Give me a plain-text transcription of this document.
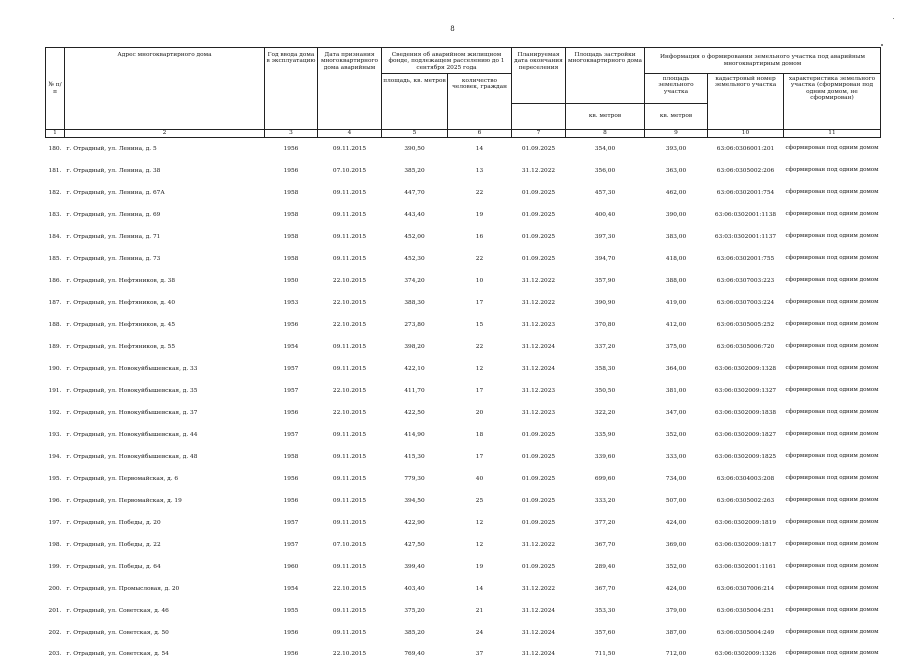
8
№ п/п	Адрес многоквартирного дома	Год ввода дома в эксплуатацию	Дата признания многоквартирного дома аварийным	Сведения об аварийном жилищном фонде, подлежащем расселению до 1 сентября 2025 года		Планируемая дата окончания переселения	Площадь застройки многоквартирного дома	Информация о формировании земельного участка под аварийным многоквартирным домом		
				площадь, кв. метров	количество человек, граждан			площадь земельного участка	кадастровый номер земельного участка	характеристика земельного участка (сформирован под одним домом, не сформирован)
							кв. метров	кв. метров		
1	2	3	4	5	6	7	8	9	10	11
180.	г. Отрадный, ул. Ленина, д. 5	1956	09.11.2015	390,50	14	01.09.2025	354,00	393,00	63:06:0306001:201	сформирован под одним домом
181.	г. Отрадный, ул. Ленина, д. 38	1956	07.10.2015	385,20	13	31.12.2022	356,00	363,00	63:06:0305002:206	сформирован под одним домом
182.	г. Отрадный, ул. Ленина, д. 67А	1958	09.11.2015	447,70	22	01.09.2025	457,30	462,00	63:06:0302001:754	сформирован под одним домом
183.	г. Отрадный, ул. Ленина, д. 69	1958	09.11.2015	443,40	19	01.09.2025	400,40	390,00	63:06:0302001:1138	сформирован под одним домом
184.	г. Отрадный, ул. Ленина, д. 71	1958	09.11.2015	452,00	16	01.09.2025	397,30	383,00	63:03:0302001:1137	сформирован под одним домом
185.	г. Отрадный, ул. Ленина, д. 73	1958	09.11.2015	452,30	22	01.09.2025	394,70	418,00	63:06:0302001:755	сформирован под одним домом
186.	г. Отрадный, ул. Нефтяников, д. 38	1950	22.10.2015	374,20	10	31.12.2022	357,90	388,00	63:06:0307003:223	сформирован под одним домом
187.	г. Отрадный, ул. Нефтяников, д. 40	1953	22.10.2015	388,30	17	31.12.2022	390,90	419,00	63:06:0307003:224	сформирован под одним домом
188.	г. Отрадный, ул. Нефтяников, д. 45	1956	22.10.2015	273,80	15	31.12.2023	370,80	412,00	63:06:0305005:252	сформирован под одним домом
189.	г. Отрадный, ул. Нефтяников, д. 55	1954	09.11.2015	398,20	22	31.12.2024	337,20	375,00	63:06:0305006:720	сформирован под одним домом
190.	г. Отрадный, ул. Новокуйбышевская, д. 33	1957	09.11.2015	422,10	12	31.12.2024	358,30	364,00	63:06:0302009:1328	сформирован под одним домом
191.	г. Отрадный, ул. Новокуйбышевская, д. 35	1957	22.10.2015	411,70	17	31.12.2023	350,50	381,00	63:06:0302009:1327	сформирован под одним домом
192.	г. Отрадный, ул. Новокуйбышевская, д. 37	1956	22.10.2015	422,50	20	31.12.2023	322,20	347,00	63:06:0302009:1838	сформирован под одним домом
193.	г. Отрадный, ул. Новокуйбышевская, д. 44	1957	09.11.2015	414,90	18	01.09.2025	335,90	352,00	63:06:0302009:1827	сформирован под одним домом
194.	г. Отрадный, ул. Новокуйбышевская, д. 48	1958	09.11.2015	415,30	17	01.09.2025	339,60	333,00	63:06:0302009:1825	сформирован под одним домом
195.	г. Отрадный, ул. Первомайская, д. 6	1956	09.11.2015	779,30	40	01.09.2025	699,60	734,00	63:06:0304003:208	сформирован под одним домом
196.	г. Отрадный, ул. Первомайская, д. 19	1956	09.11.2015	394,50	25	01.09.2025	333,20	507,00	63:06:0305002:263	сформирован под одним домом
197.	г. Отрадный, ул. Победы, д. 20	1957	09.11.2015	422,90	12	01.09.2025	377,20	424,00	63:06:0302009:1819	сформирован под одним домом
198.	г. Отрадный, ул. Победы, д. 22	1957	07.10.2015	427,50	12	31.12.2022	367,70	369,00	63:06:0302009:1817	сформирован под одним домом
199.	г. Отрадный, ул. Победы, д. 64	1960	09.11.2015	399,40	19	01.09.2025	289,40	352,00	63:06:0302001:1161	сформирован под одним домом
200.	г. Отрадный, ул. Промысловая, д. 20	1954	22.10.2015	403,40	14	31.12.2022	367,70	424,00	63:06:0307006:214	сформирован под одним домом
201.	г. Отрадный, ул. Советская, д. 46	1955	09.11.2015	375,20	21	31.12.2024	353,30	379,00	63:06:0305004:251	сформирован под одним домом
202.	г. Отрадный, ул. Советская, д. 50	1956	09.11.2015	385,20	24	31.12.2024	357,60	387,00	63:06:0305004:249	сформирован под одним домом
203.	г. Отрадный, ул. Советская, д. 54	1956	22.10.2015	769,40	37	31.12.2024	711,50	712,00	63:06:0302009:1326	сформирован под одним домом
